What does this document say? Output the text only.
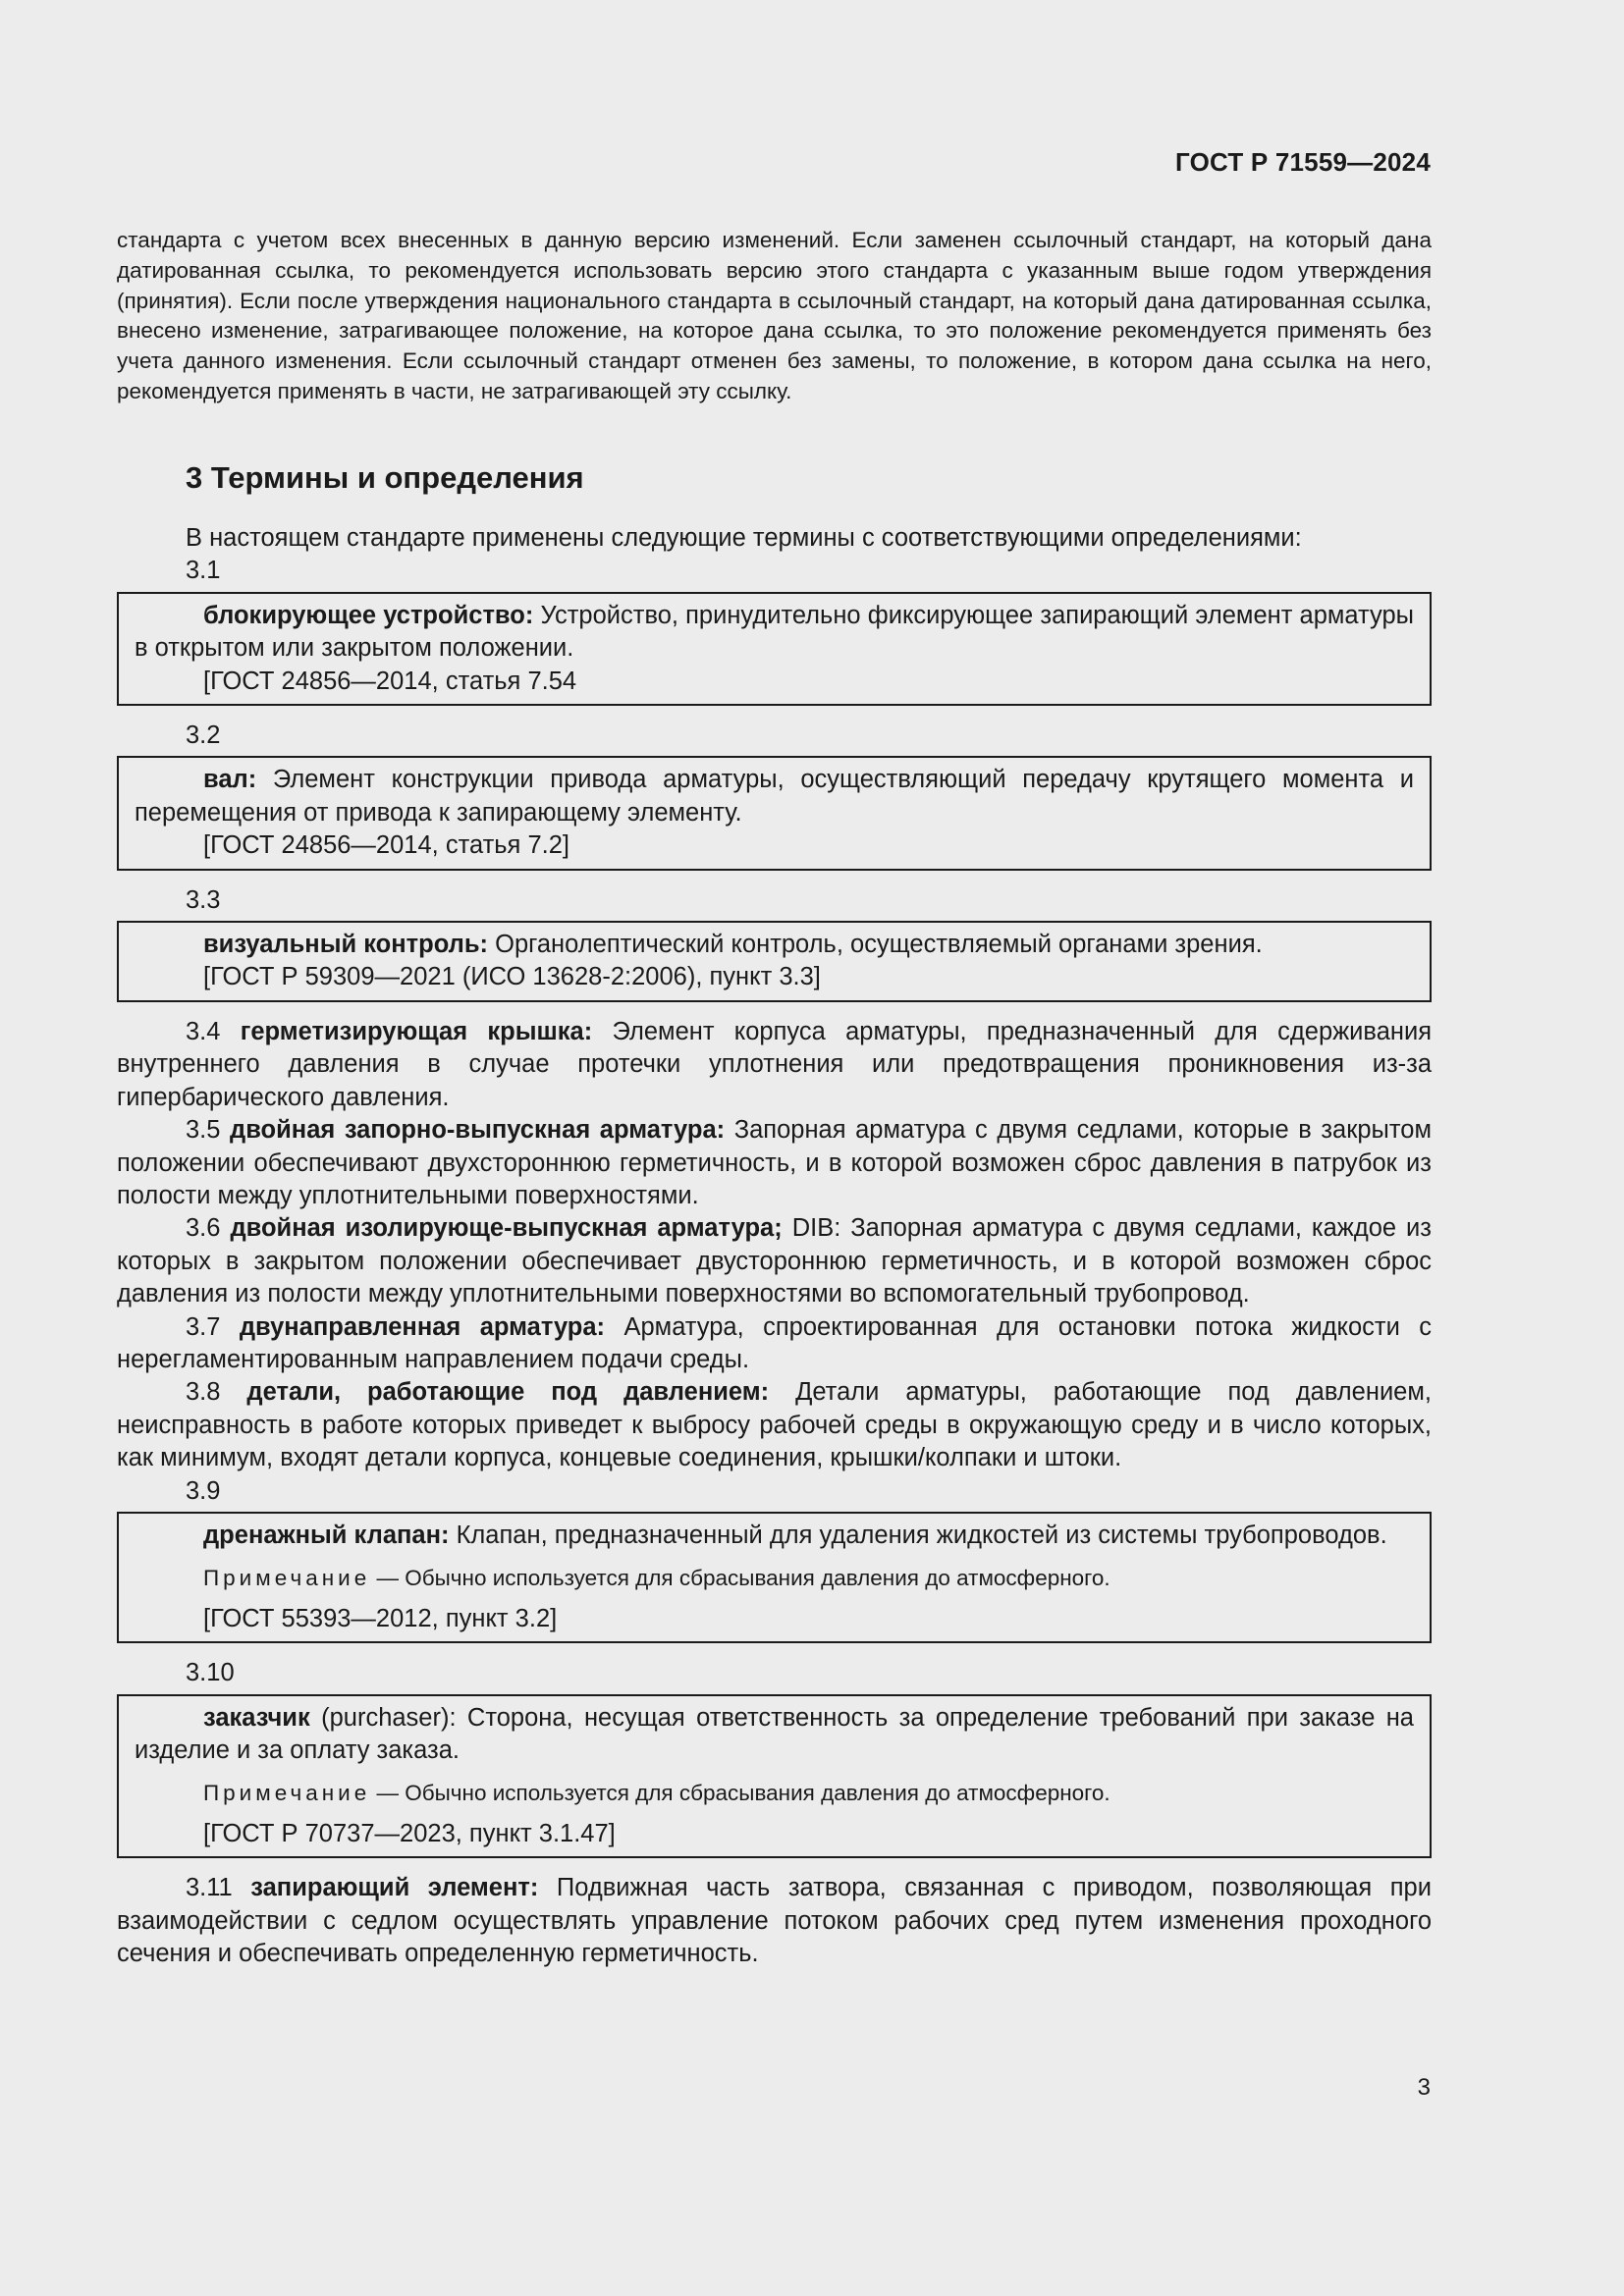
ГОСТ Р 71559—2024

стандарта с учетом всех внесенных в данную версию изменений. Если заменен ссылочный стандарт, на который дана датированная ссылка, то рекомендуется использовать версию этого стандарта с указанным выше годом утверждения (принятия). Если после утверждения национального стандарта в ссылочный стандарт, на который дана датированная ссылка, внесено изменение, затрагивающее положение, на которое дана ссылка, то это положение рекомендуется применять без учета данного изменения. Если ссылочный стандарт отменен без замены, то положение, в котором дана ссылка на него, рекомендуется применять в части, не затрагивающей эту ссылку.

3 Термины и определения

В настоящем стандарте применены следующие термины с соответствующими определениями:

3.1

блокирующее устройство: Устройство, принудительно фиксирующее запирающий элемент арматуры в открытом или закрытом положении.

[ГОСТ 24856—2014, статья 7.54

3.2

вал: Элемент конструкции привода арматуры, осуществляющий передачу крутящего момента и перемещения от привода к запирающему элементу.

[ГОСТ 24856—2014, статья 7.2]

3.3

визуальный контроль: Органолептический контроль, осуществляемый органами зрения.

[ГОСТ Р 59309—2021 (ИСО 13628-2:2006), пункт 3.3]

3.4 герметизирующая крышка: Элемент корпуса арматуры, предназначенный для сдерживания внутреннего давления в случае протечки уплотнения или предотвращения проникновения из-за гипербарического давления.

3.5 двойная запорно-выпускная арматура: Запорная арматура с двумя седлами, которые в закрытом положении обеспечивают двухстороннюю герметичность, и в которой возможен сброс давления в патрубок из полости между уплотнительными поверхностями.

3.6 двойная изолирующе-выпускная арматура; DIB: Запорная арматура с двумя седлами, каждое из которых в закрытом положении обеспечивает двустороннюю герметичность, и в которой возможен сброс давления из полости между уплотнительными поверхностями во вспомогательный трубопровод.

3.7 двунаправленная арматура: Арматура, спроектированная для остановки потока жидкости с нерегламентированным направлением подачи среды.

3.8 детали, работающие под давлением: Детали арматуры, работающие под давлением, неисправность в работе которых приведет к выбросу рабочей среды в окружающую среду и в число которых, как минимум, входят детали корпуса, концевые соединения, крышки/колпаки и штоки.

3.9

дренажный клапан: Клапан, предназначенный для удаления жидкостей из системы трубопроводов.

Примечание — Обычно используется для сбрасывания давления до атмосферного.

[ГОСТ 55393—2012, пункт 3.2]

3.10

заказчик (purchaser): Сторона, несущая ответственность за определение требований при заказе на изделие и за оплату заказа.

Примечание — Обычно используется для сбрасывания давления до атмосферного.

[ГОСТ Р 70737—2023, пункт 3.1.47]

3.11 запирающий элемент: Подвижная часть затвора, связанная с приводом, позволяющая при взаимодействии с седлом осуществлять управление потоком рабочих сред путем изменения проходного сечения и обеспечивать определенную герметичность.

3
